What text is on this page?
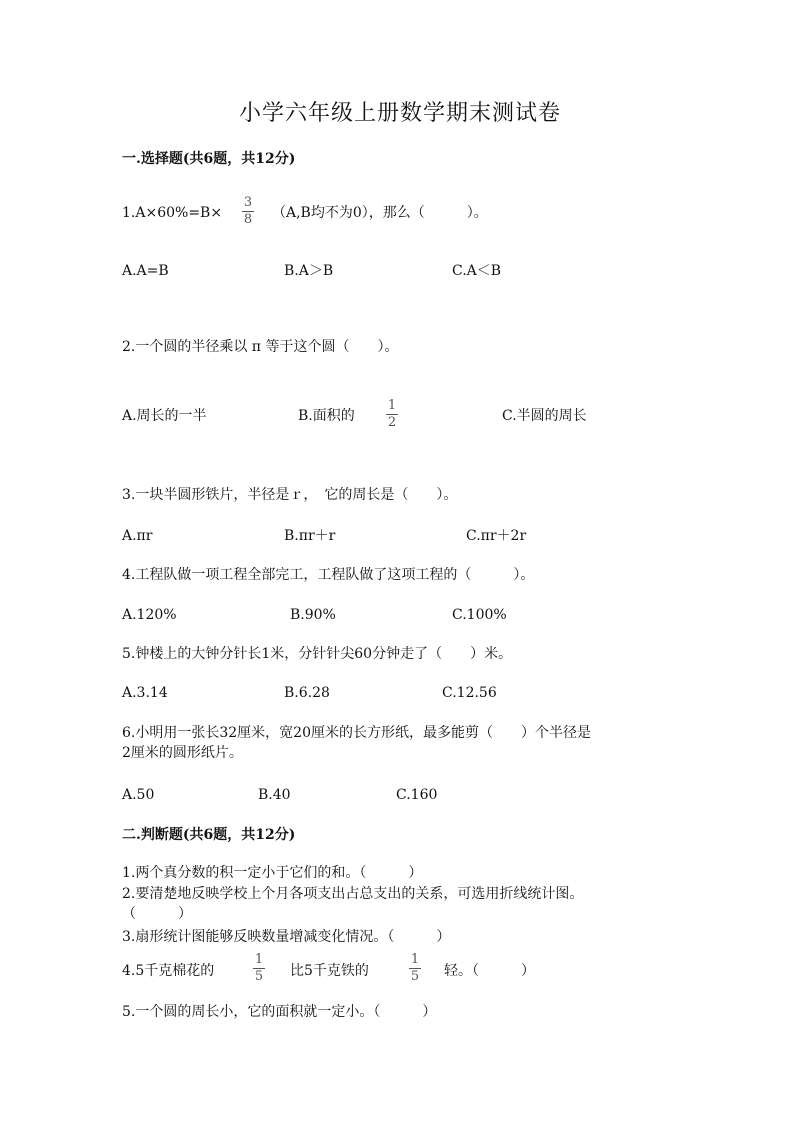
小学六年级上册数学期末测试卷
一.选择题(共6题，共12分)
1.A×60%=B×
3
8 （A,B均不为0），那么（　　　）。
A.A=B	B.A＞B	C.A＜B
2.一个圆的半径乘以 π 等于这个圆（　　）。
A.周长的一半	B.面积的
1
2	C.半圆的周长
3.一块半圆形铁片，半径是ｒ，　它的周长是（　　）。
A.πr	B.πr＋r	C.πr＋2r
4.工程队做一项工程全部完工，工程队做了这项工程的（　　　）。
A.120%	B.90%	C.100%
5.钟楼上的大钟分针长1米，分针针尖60分钟走了（　　）米。
A.3.14	B.6.28	C.12.56
6.小明用一张长32厘米，宽20厘米的长方形纸，最多能剪（　　）个半径是
2厘米的圆形纸片。
A.50	B.40	C.160
二.判断题(共6题，共12分)
1.两个真分数的积一定小于它们的和。（　　　）
2.要清楚地反映学校上个月各项支出占总支出的关系，可选用折线统计图。
（　　　）
3.扇形统计图能够反映数量增减变化情况。（　　　）
4.5千克棉花的
1
5 比5千克铁的
1
5 轻。（　　　）
5.一个圆的周长小，它的面积就一定小。（　　　）
